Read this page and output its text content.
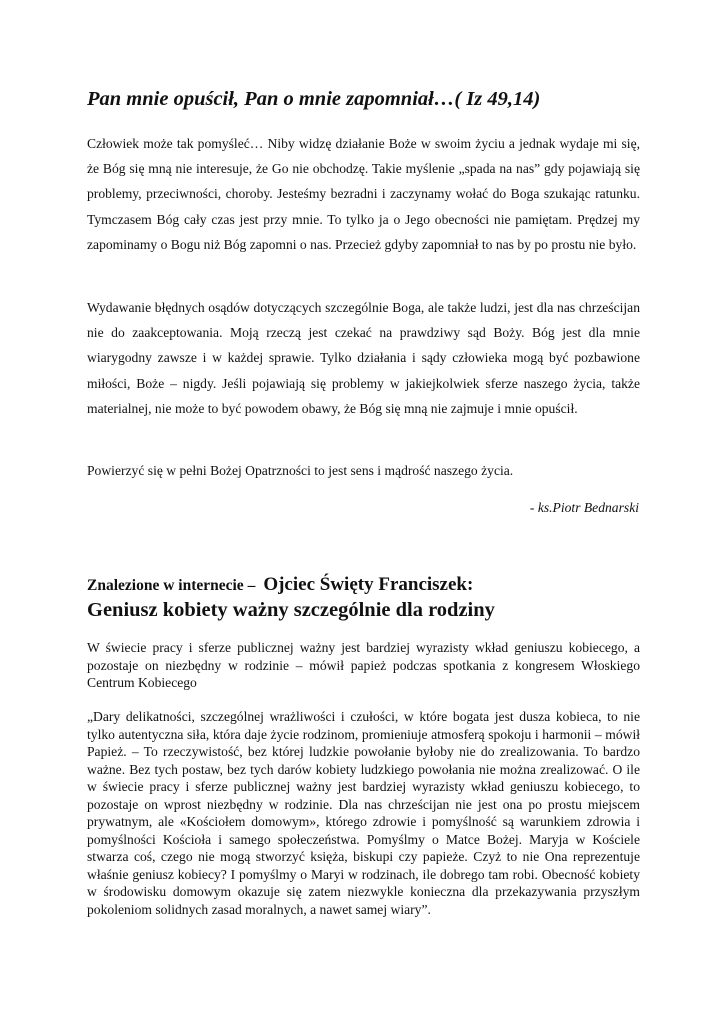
Pan mnie opuścił, Pan o mnie zapomniał…( Iz 49,14)

Człowiek może tak pomyśleć… Niby widzę działanie Boże w swoim życiu a jednak wydaje mi się, że Bóg się mną nie interesuje, że Go nie obchodzę. Takie myślenie „spada na nas” gdy pojawiają się problemy, przeciwności, choroby. Jesteśmy bezradni i zaczynamy wołać do Boga szukając ratunku. Tymczasem Bóg cały czas jest przy mnie. To tylko ja o Jego obecności nie pamiętam. Prędzej my zapominamy o Bogu niż Bóg zapomni o nas. Przecież gdyby zapomniał to nas by po prostu nie było.

Wydawanie błędnych osądów dotyczących szczególnie Boga, ale także ludzi, jest dla nas chrześcijan nie do zaakceptowania. Moją rzeczą jest czekać na prawdziwy sąd Boży. Bóg jest dla mnie wiarygodny zawsze i w każdej sprawie. Tylko działania i sądy człowieka mogą być pozbawione miłości, Boże – nigdy. Jeśli pojawiają się problemy w jakiejkolwiek sferze naszego życia, także materialnej, nie może to być powodem obawy, że Bóg się mną nie zajmuje i mnie opuścił.

Powierzyć się w pełni Bożej Opatrzności to jest sens i mądrość naszego życia.

- ks.Piotr Bednarski

Znalezione w internecie – Ojciec Święty Franciszek:
Geniusz kobiety ważny szczególnie dla rodziny

W świecie pracy i sferze publicznej ważny jest bardziej wyrazisty wkład geniuszu kobiecego, a pozostaje on niezbędny w rodzinie – mówił papież podczas spotkania z kongresem Włoskiego Centrum Kobiecego

„Dary delikatności, szczególnej wrażliwości i czułości, w które bogata jest dusza kobieca, to nie tylko autentyczna siła, która daje życie rodzinom, promieniuje atmosferą spokoju i harmonii – mówił Papież. – To rzeczywistość, bez której ludzkie powołanie byłoby nie do zrealizowania. To bardzo ważne. Bez tych postaw, bez tych darów kobiety ludzkiego powołania nie można zrealizować. O ile w świecie pracy i sferze publicznej ważny jest bardziej wyrazisty wkład geniuszu kobiecego, to pozostaje on wprost niezbędny w rodzinie. Dla nas chrześcijan nie jest ona po prostu miejscem prywatnym, ale «Kościołem domowym», którego zdrowie i pomyślność są warunkiem zdrowia i pomyślności Kościoła i samego społeczeństwa. Pomyślmy o Matce Bożej. Maryja w Kościele stwarza coś, czego nie mogą stworzyć księża, biskupi czy papieże. Czyż to nie Ona reprezentuje właśnie geniusz kobiecy? I pomyślmy o Maryi w rodzinach, ile dobrego tam robi. Obecność kobiety w środowisku domowym okazuje się zatem niezwykle konieczna dla przekazywania przyszłym pokoleniom solidnych zasad moralnych, a nawet samej wiary”.
